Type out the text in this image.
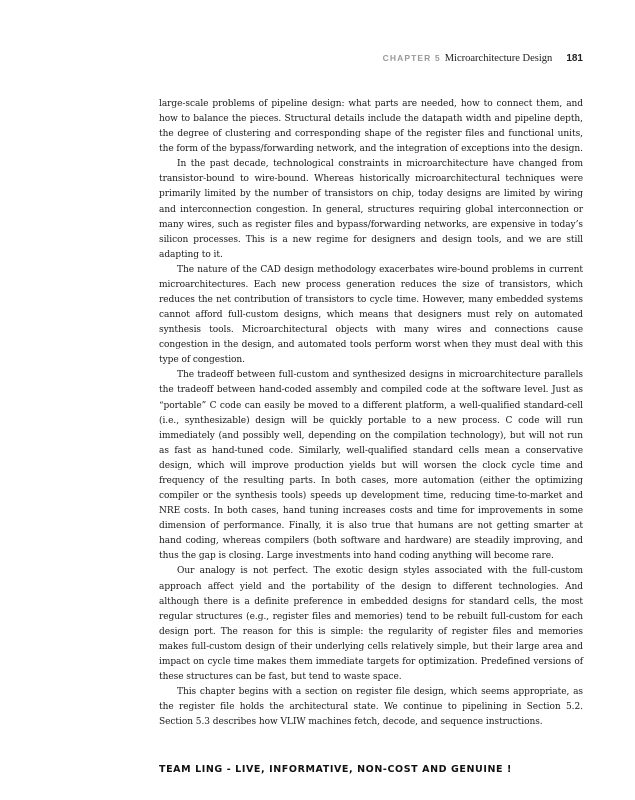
CHAPTER 5 Microarchitecture Design 181

large-scale problems of pipeline design: what parts are needed, how to connect them, and how to balance the pieces. Structural details include the datapath width and pipeline depth, the degree of clustering and corresponding shape of the register files and functional units, the form of the bypass/forwarding network, and the integration of exceptions into the design.

In the past decade, technological constraints in microarchitecture have changed from transistor-bound to wire-bound. Whereas historically microarchitectural techniques were primarily limited by the number of transistors on chip, today designs are limited by wiring and interconnection congestion. In general, structures requiring global interconnection or many wires, such as register files and bypass/forwarding networks, are expensive in today’s silicon processes. This is a new regime for designers and design tools, and we are still adapting to it.

The nature of the CAD design methodology exacerbates wire-bound problems in current microarchitectures. Each new process generation reduces the size of transistors, which reduces the net contribution of transistors to cycle time. However, many embedded systems cannot afford full-custom designs, which means that designers must rely on automated synthesis tools. Microarchitectural objects with many wires and connections cause congestion in the design, and automated tools perform worst when they must deal with this type of congestion.

The tradeoff between full-custom and synthesized designs in microarchitecture parallels the tradeoff between hand-coded assembly and compiled code at the software level. Just as “portable” C code can easily be moved to a different platform, a well-qualified standard-cell (i.e., synthesizable) design will be quickly portable to a new process. C code will run immediately (and possibly well, depending on the compilation technology), but will not run as fast as hand-tuned code. Similarly, well-qualified standard cells mean a conservative design, which will improve production yields but will worsen the clock cycle time and frequency of the resulting parts. In both cases, more automation (either the optimizing compiler or the synthesis tools) speeds up development time, reducing time-to-market and NRE costs. In both cases, hand tuning increases costs and time for improvements in some dimension of performance. Finally, it is also true that humans are not getting smarter at hand coding, whereas compilers (both software and hardware) are steadily improving, and thus the gap is closing. Large investments into hand coding anything will become rare.

Our analogy is not perfect. The exotic design styles associated with the full-custom approach affect yield and the portability of the design to different technologies. And although there is a definite preference in embedded designs for standard cells, the most regular structures (e.g., register files and memories) tend to be rebuilt full-custom for each design port. The reason for this is simple: the regularity of register files and memories makes full-custom design of their underlying cells relatively simple, but their large area and impact on cycle time makes them immediate targets for optimization. Predefined versions of these structures can be fast, but tend to waste space.

This chapter begins with a section on register file design, which seems appropriate, as the register file holds the architectural state. We continue to pipelining in Section 5.2. Section 5.3 describes how VLIW machines fetch, decode, and sequence instructions.

TEAM LING - LIVE, INFORMATIVE, NON-COST AND GENUINE !
